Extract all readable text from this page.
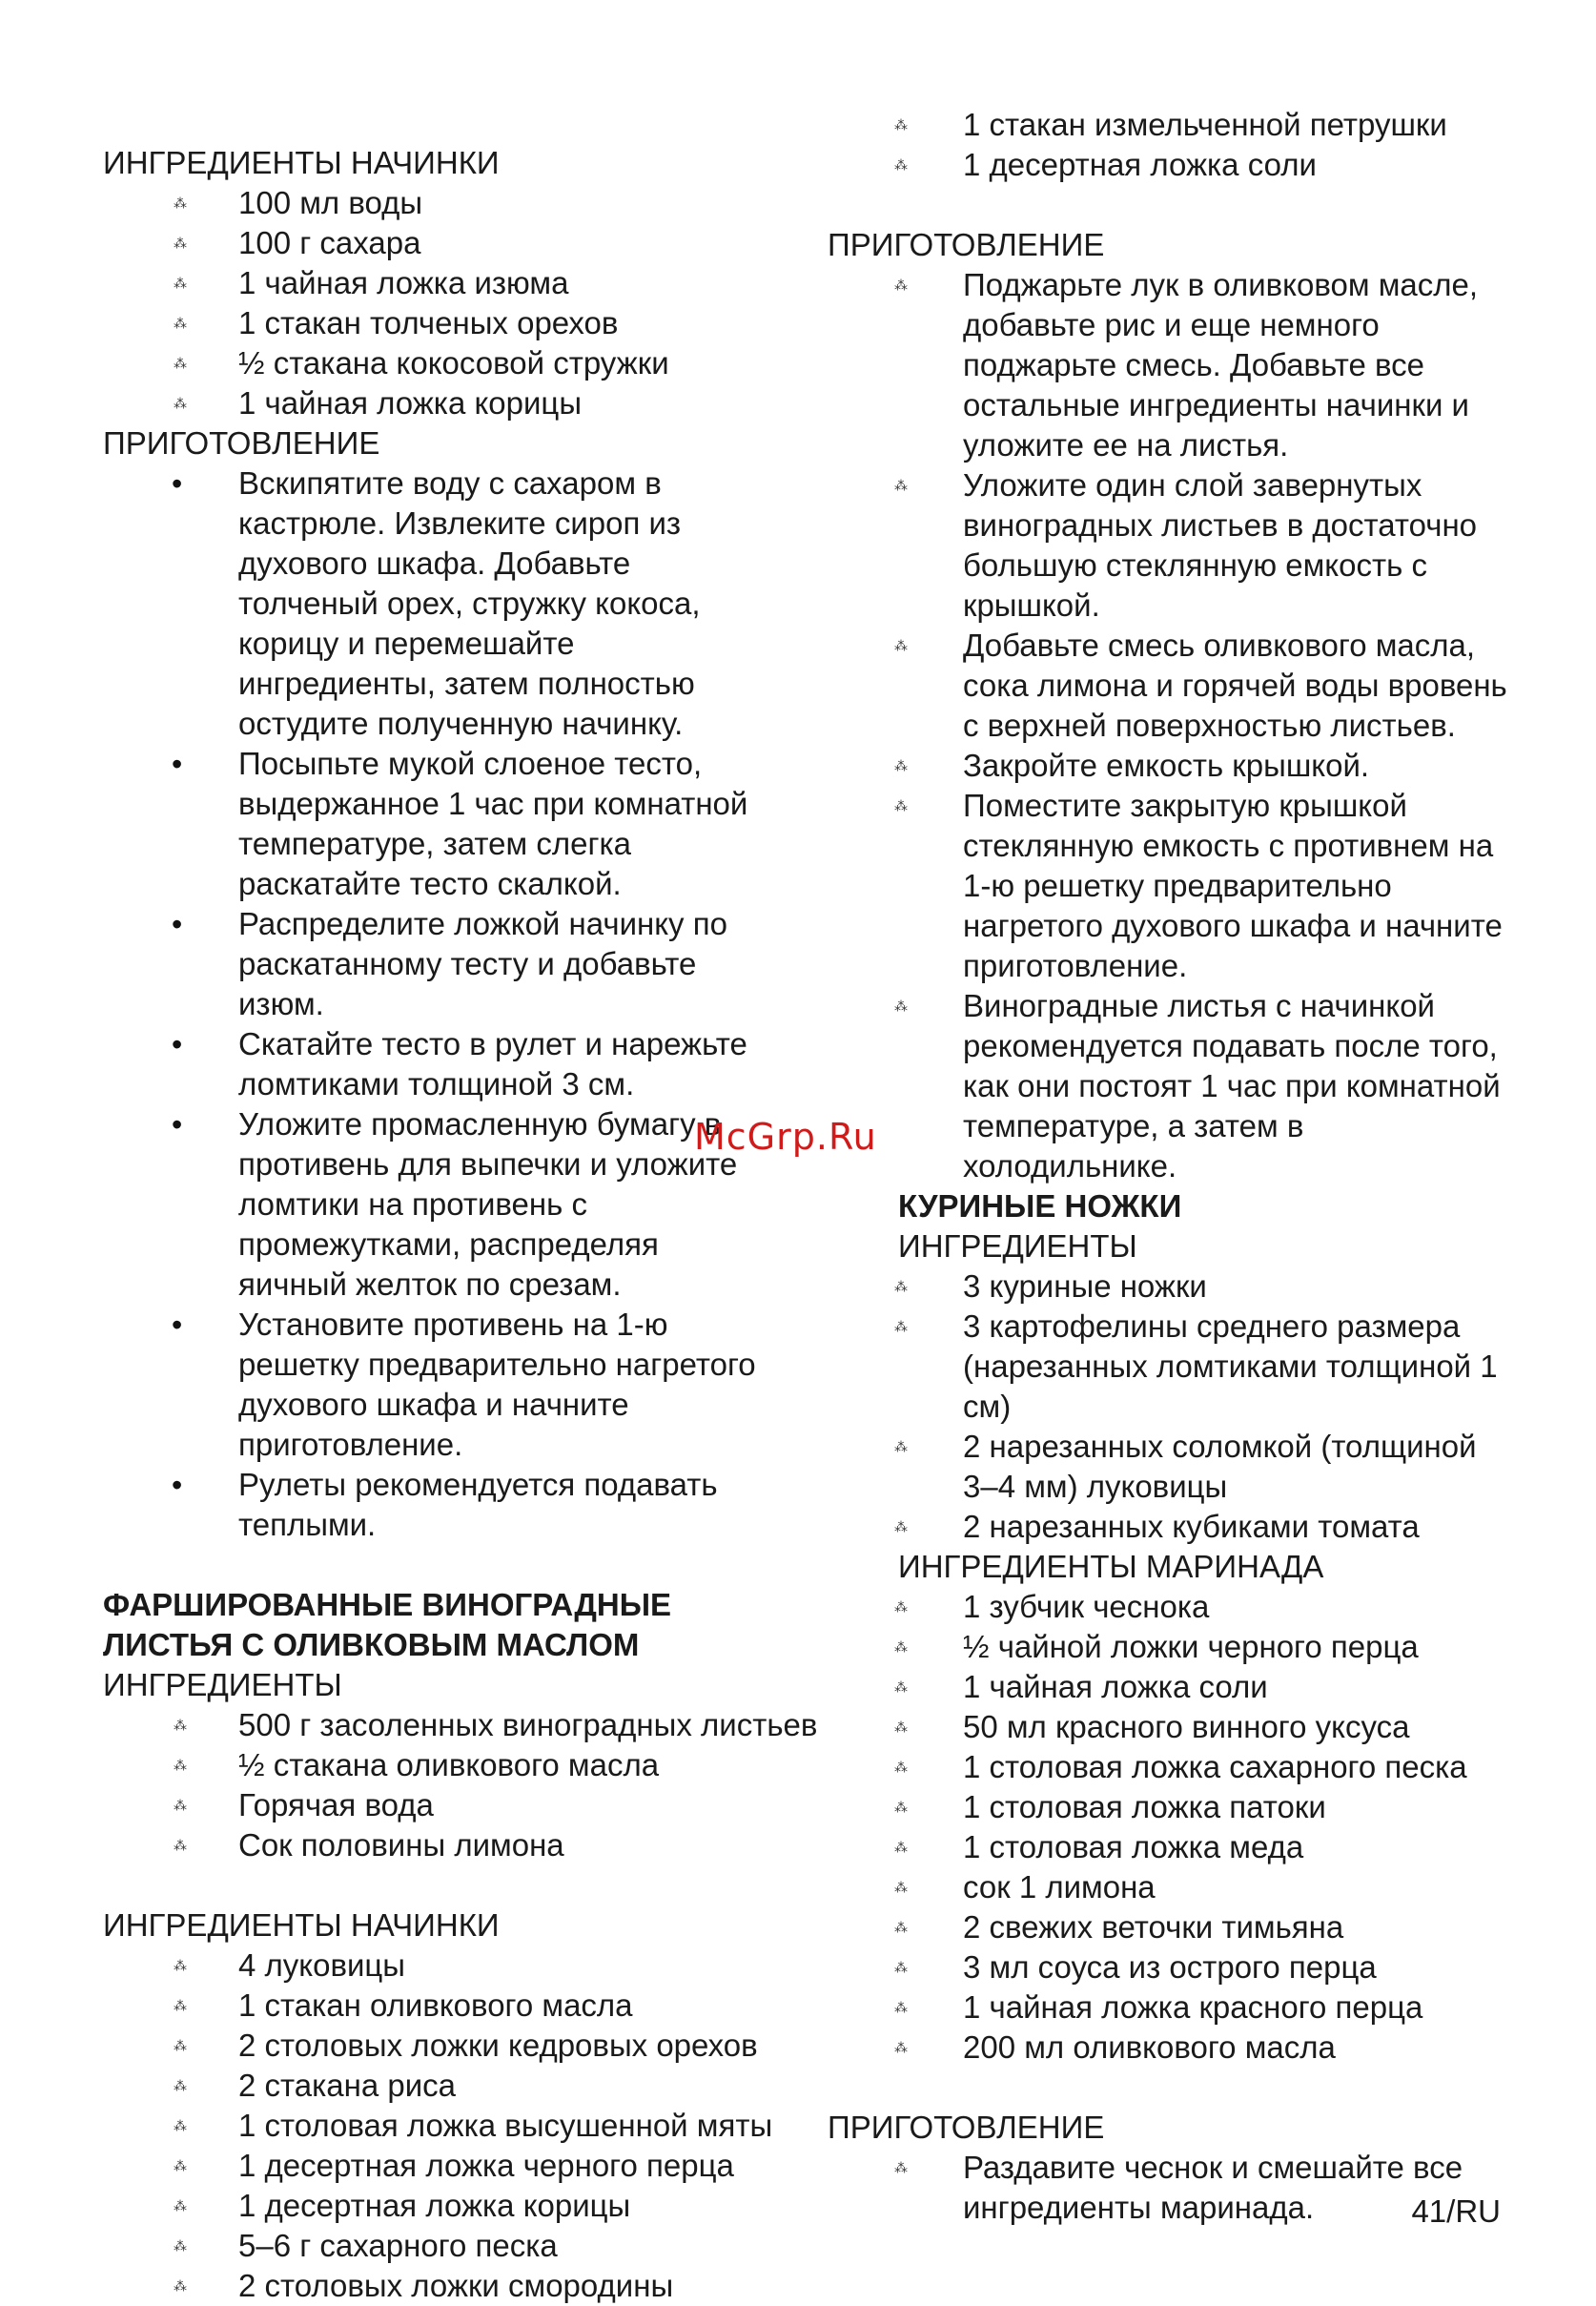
ИНГРЕДИЕНТЫ НАЧИНКИ
⁂ 100 мл воды
⁂ 100 г сахара
⁂ 1 чайная ложка изюма
⁂ 1 стакан толченых орехов
⁂ ½ стакана кокосовой стружки
⁂ 1 чайная ложка корицы
ПРИГОТОВЛЕНИЕ
• Вскипятите воду с сахаром в кастрюле. Извлеките сироп из духового шкафа. Добавьте толченый орех, стружку кокоса, корицу и перемешайте ингредиенты, затем полностью остудите полученную начинку.
• Посыпьте мукой слоеное тесто, выдержанное 1 час при комнатной температуре, затем слегка раскатайте тесто скалкой.
• Распределите ложкой начинку по раскатанному тесту и добавьте изюм.
• Скатайте тесто в рулет и нарежьте ломтиками толщиной 3 см.
• Уложите промасленную бумагу в противень для выпечки и уложите ломтики на противень с промежутками, распределяя яичный желток по срезам.
• Установите противень на 1-ю решетку предварительно нагретого духового шкафа и начните приготовление.
• Рулеты рекомендуется подавать теплыми.
ФАРШИРОВАННЫЕ ВИНОГРАДНЫЕ ЛИСТЬЯ С ОЛИВКОВЫМ МАСЛОМ
ИНГРЕДИЕНТЫ
⁂ 500 г засоленных виноградных листьев
⁂ ½ стакана оливкового масла
⁂ Горячая вода
⁂ Сок половины лимона
ИНГРЕДИЕНТЫ НАЧИНКИ
⁂ 4 луковицы
⁂ 1 стакан оливкового масла
⁂ 2 столовых ложки кедровых орехов
⁂ 2 стакана риса
⁂ 1 столовая ложка высушенной мяты
⁂ 1 десертная ложка черного перца
⁂ 1 десертная ложка корицы
⁂ 5–6 г сахарного песка
⁂ 2 столовых ложки смородины
⁂ 1 стакан измельченной петрушки
⁂ 1 десертная ложка соли
ПРИГОТОВЛЕНИЕ
⁂ Поджарьте лук в оливковом масле, добавьте рис и еще немного поджарьте смесь. Добавьте все остальные ингредиенты начинки и уложите ее на листья.
⁂ Уложите один слой завернутых виноградных листьев в достаточно большую стеклянную емкость с крышкой.
⁂ Добавьте смесь оливкового масла, сока лимона и горячей воды вровень с верхней поверхностью листьев.
⁂ Закройте емкость крышкой.
⁂ Поместите закрытую крышкой стеклянную емкость с противнем на 1-ю решетку предварительно нагретого духового шкафа и начните приготовление.
⁂ Виноградные листья с начинкой рекомендуется подавать после того, как они постоят 1 час при комнатной температуре, а затем в холодильнике.
КУРИНЫЕ НОЖКИ
ИНГРЕДИЕНТЫ
⁂ 3 куриные ножки
⁂ 3 картофелины среднего размера (нарезанных ломтиками толщиной 1 см)
⁂ 2 нарезанных соломкой (толщиной 3–4 мм) луковицы
⁂ 2 нарезанных кубиками томата
ИНГРЕДИЕНТЫ МАРИНАДА
⁂ 1 зубчик чеснока
⁂ ½ чайной ложки черного перца
⁂ 1 чайная ложка соли
⁂ 50 мл красного винного уксуса
⁂ 1 столовая ложка сахарного песка
⁂ 1 столовая ложка патоки
⁂ 1 столовая ложка меда
⁂ сок 1 лимона
⁂ 2 свежих веточки тимьяна
⁂ 3 мл соуса из острого перца
⁂ 1 чайная ложка красного перца
⁂ 200 мл оливкового масла
ПРИГОТОВЛЕНИЕ
⁂ Раздавите чеснок и смешайте все ингредиенты маринада.
McGrp.Ru
41/RU
